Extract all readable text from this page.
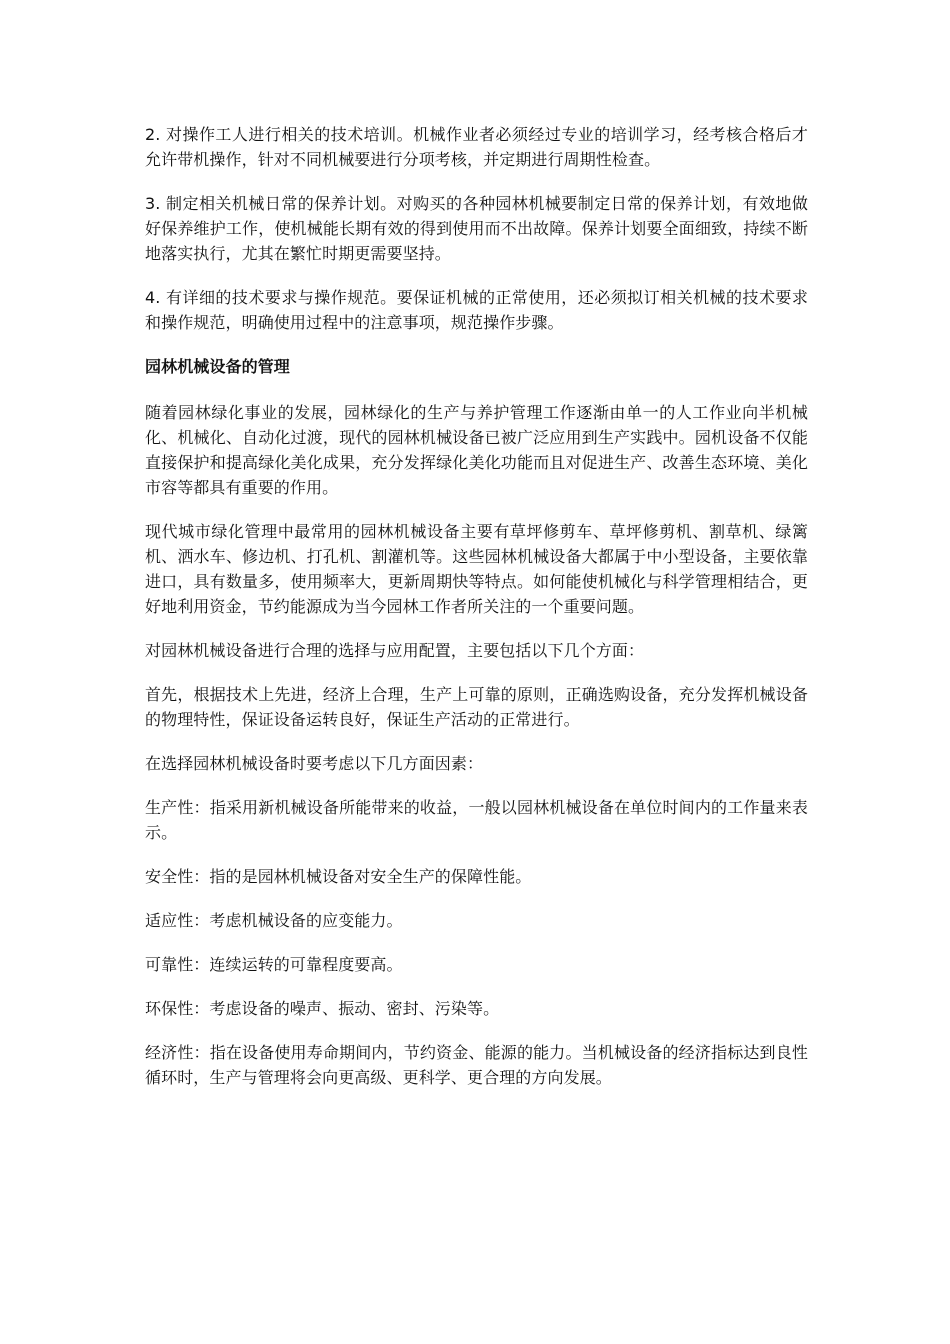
2. 对操作工人进行相关的技术培训。机械作业者必须经过专业的培训学习，经考核合格后才允许带机操作，针对不同机械要进行分项考核，并定期进行周期性检查。

3. 制定相关机械日常的保养计划。对购买的各种园林机械要制定日常的保养计划，有效地做好保养维护工作，使机械能长期有效的得到使用而不出故障。保养计划要全面细致，持续不断地落实执行，尤其在繁忙时期更需要坚持。

4. 有详细的技术要求与操作规范。要保证机械的正常使用，还必须拟订相关机械的技术要求和操作规范，明确使用过程中的注意事项，规范操作步骤。

园林机械设备的管理

随着园林绿化事业的发展，园林绿化的生产与养护管理工作逐渐由单一的人工作业向半机械化、机械化、自动化过渡，现代的园林机械设备已被广泛应用到生产实践中。园机设备不仅能直接保护和提高绿化美化成果，充分发挥绿化美化功能而且对促进生产、改善生态环境、美化市容等都具有重要的作用。

现代城市绿化管理中最常用的园林机械设备主要有草坪修剪车、草坪修剪机、割草机、绿篱机、洒水车、修边机、打孔机、割灌机等。这些园林机械设备大都属于中小型设备，主要依靠进口，具有数量多，使用频率大，更新周期快等特点。如何能使机械化与科学管理相结合，更好地利用资金，节约能源成为当今园林工作者所关注的一个重要问题。

对园林机械设备进行合理的选择与应用配置，主要包括以下几个方面：

首先，根据技术上先进，经济上合理，生产上可靠的原则，正确选购设备，充分发挥机械设备的物理特性，保证设备运转良好，保证生产活动的正常进行。

在选择园林机械设备时要考虑以下几方面因素：

生产性：指采用新机械设备所能带来的收益，一般以园林机械设备在单位时间内的工作量来表示。

安全性：指的是园林机械设备对安全生产的保障性能。

适应性：考虑机械设备的应变能力。

可靠性：连续运转的可靠程度要高。

环保性：考虑设备的噪声、振动、密封、污染等。

经济性：指在设备使用寿命期间内，节约资金、能源的能力。当机械设备的经济指标达到良性循环时，生产与管理将会向更高级、更科学、更合理的方向发展。
